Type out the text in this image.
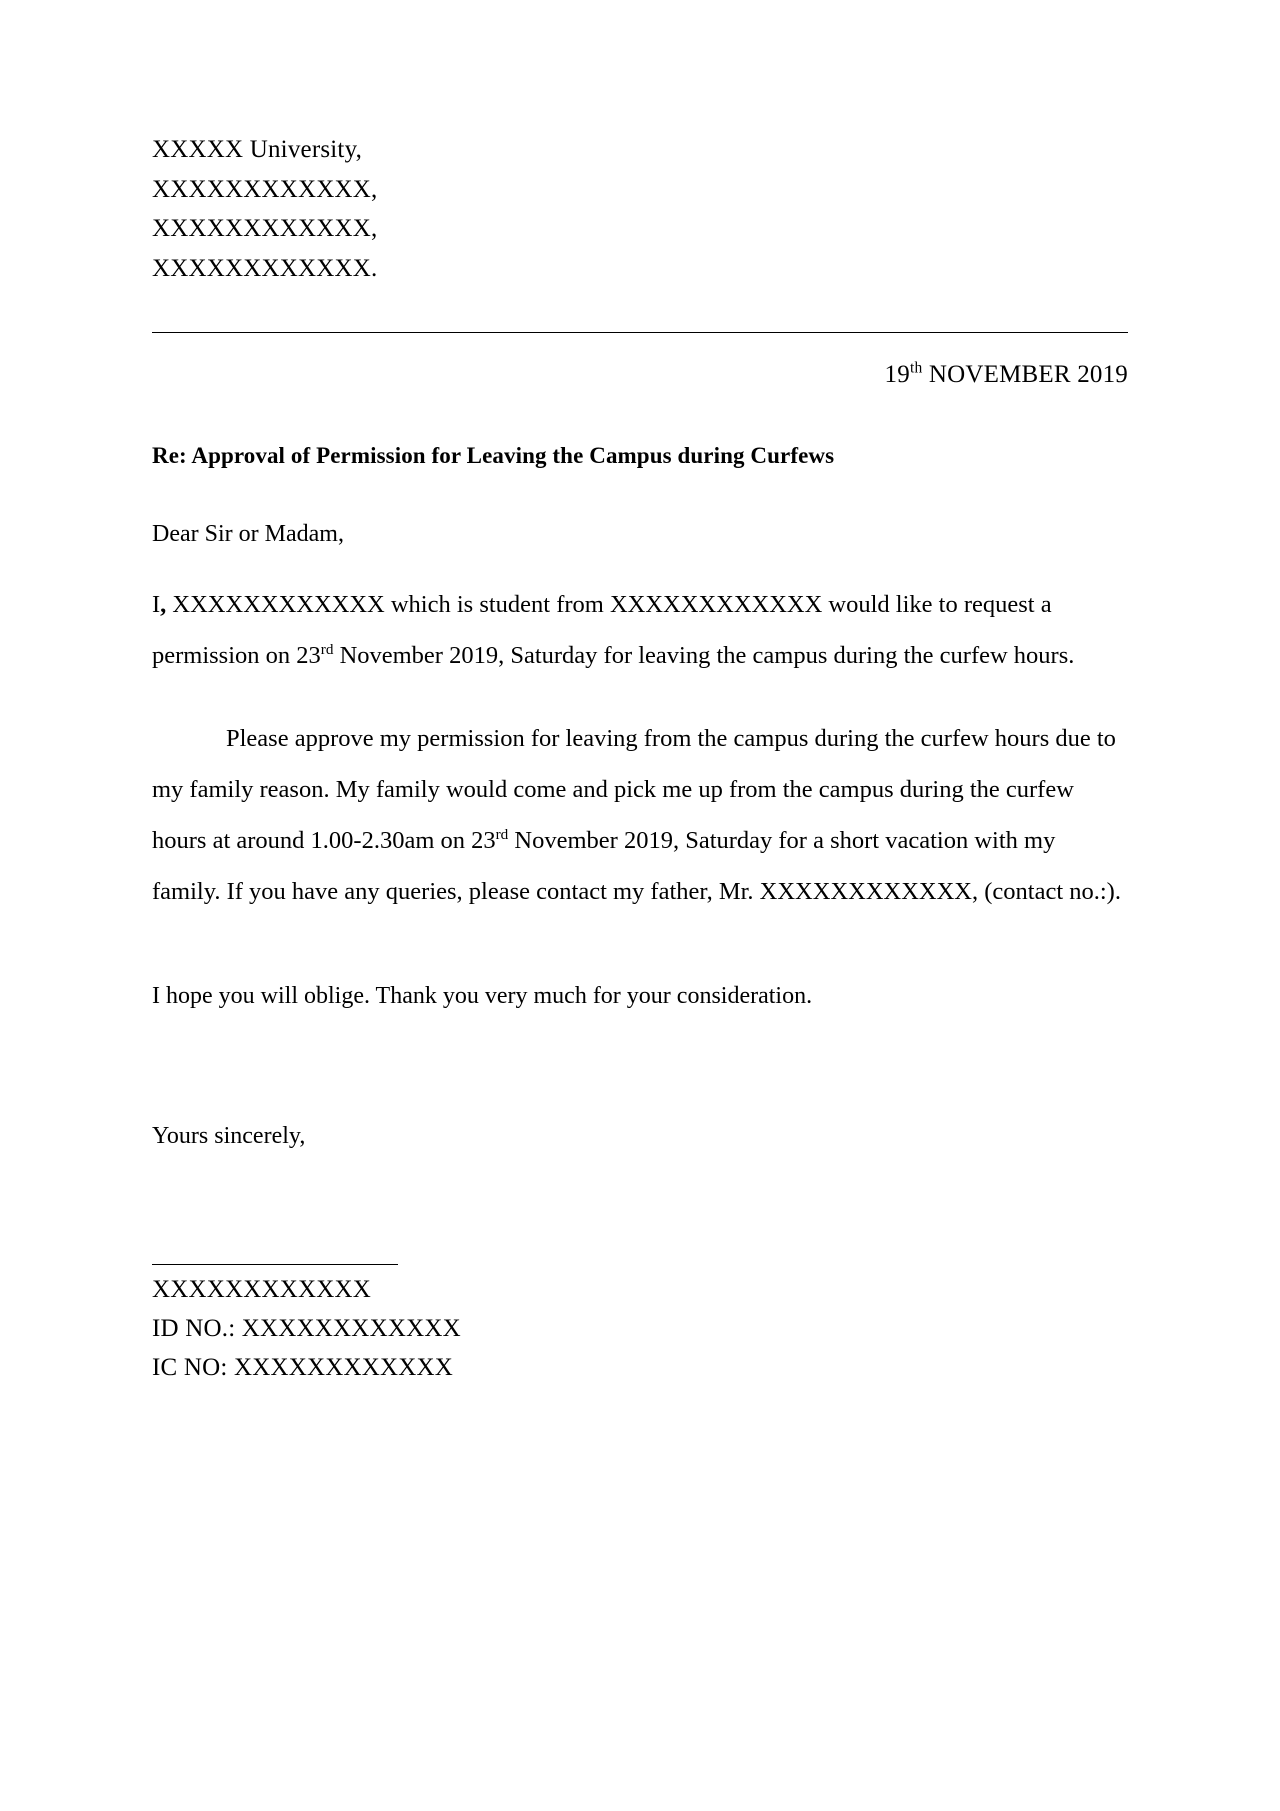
XXXXX University,
XXXXXXXXXXXX,
XXXXXXXXXXXX,
XXXXXXXXXXXX.
19th NOVEMBER 2019
Re: Approval of Permission for Leaving the Campus during Curfews
Dear Sir or Madam,

I, XXXXXXXXXXXX which is student from XXXXXXXXXXXX would like to request a permission on 23rd November 2019, Saturday for leaving the campus during the curfew hours.

Please approve my permission for leaving from the campus during the curfew hours due to my family reason. My family would come and pick me up from the campus during the curfew hours at around 1.00-2.30am on 23rd November 2019, Saturday for a short vacation with my family. If you have any queries, please contact my father, Mr. XXXXXXXXXXXX, (contact no.:).

I hope you will oblige. Thank you very much for your consideration.

Yours sincerely,
XXXXXXXXXXXX
ID NO.: XXXXXXXXXXXX
IC NO: XXXXXXXXXXXX
